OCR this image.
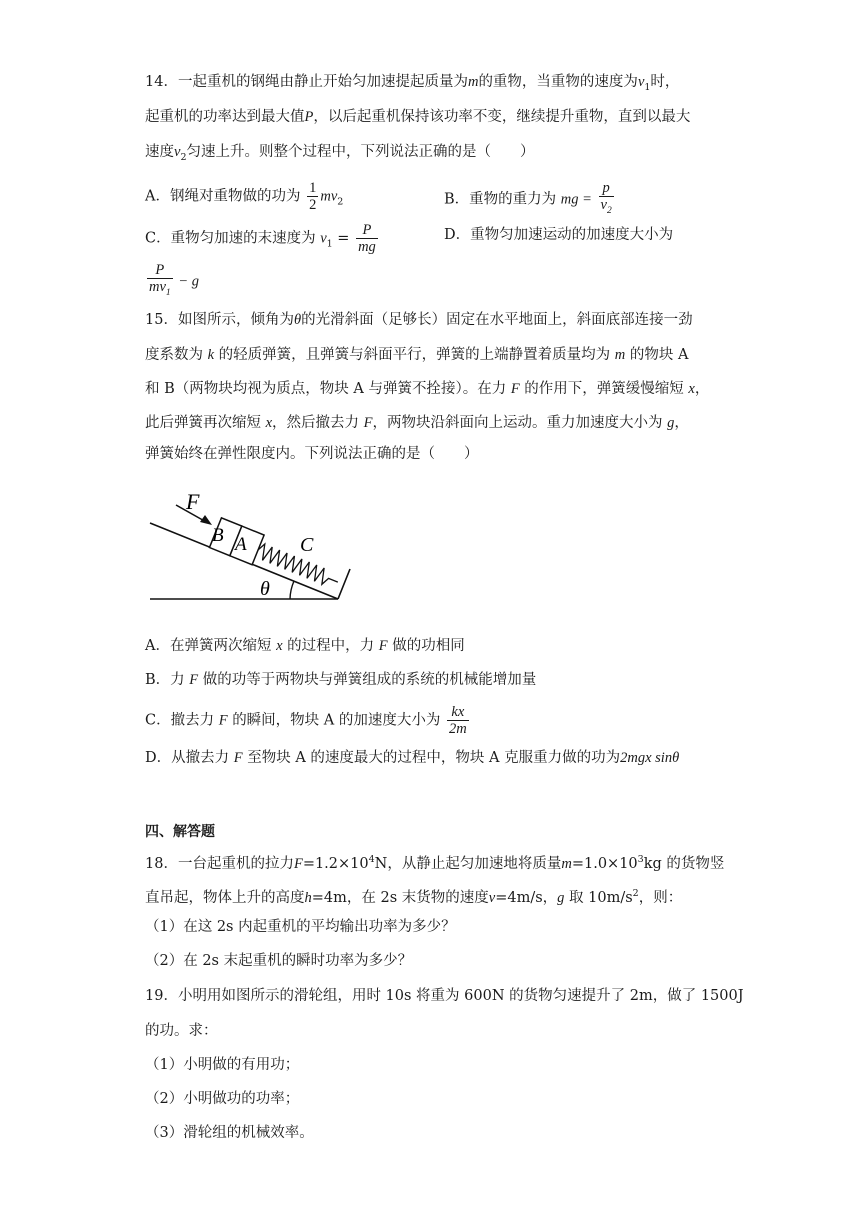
14．一起重机的钢绳由静止开始匀加速提起质量为m的重物，当重物的速度为$v_1$时，
起重机的功率达到最大值P，以后起重机保持该功率不变，继续提升重物，直到以最大
速度$v_2$匀速上升。则整个过程中，下列说法正确的是（　　）
A．钢绳对重物做的功为 $\frac{1}{2} mv_2$	B．重物的重力为 mg = $\frac{p}{v_2}$
C．重物匀加速的末速度为 $v_1 = \frac{P}{mg}$	D．重物匀加速运动的加速度大小为
$\frac{P}{mv_1} - g$
15．如图所示，倾角为θ的光滑斜面（足够长）固定在水平地面上，斜面底部连接一劲
度系数为 k 的轻质弹簧，且弹簧与斜面平行，弹簧的上端静置着质量均为 m 的物块 A
和 B（两物块均视为质点，物块 A 与弹簧不拴接）。在力 F 的作用下，弹簧缓慢缩短 x，
此后弹簧再次缩短 x，然后撤去力 F，两物块沿斜面向上运动。重力加速度大小为 g，
弹簧始终在弹性限度内。下列说法正确的是（　　）
θ
B A	C
F
A．在弹簧两次缩短 x 的过程中，力 F 做的功相同
B．力 F 做的功等于两物块与弹簧组成的系统的机械能增加量
C．撤去力 F 的瞬间，物块 A 的加速度大小为 $\frac{kx}{2m}$
D．从撤去力 F 至物块 A 的速度最大的过程中，物块 A 克服重力做的功为2mgx sinθ
四、解答题
18．一台起重机的拉力$F=1.2\times 10^4N$，从静止起匀加速地将质量$m=1.0\times 10^3kg$ 的货物竖
直吊起，物体上升的高度h=4m，在 2s 末货物的速度v=4m/s，g 取 $10m/s^2$，则：
（1）在这 2s 内起重机的平均输出功率为多少？
（2）在 2s 末起重机的瞬时功率为多少？
19．小明用如图所示的滑轮组，用时 10s 将重为 600N 的货物匀速提升了 2m，做了 1500J
的功。求：
（1）小明做的有用功；
（2）小明做功的功率；
（3）滑轮组的机械效率。
